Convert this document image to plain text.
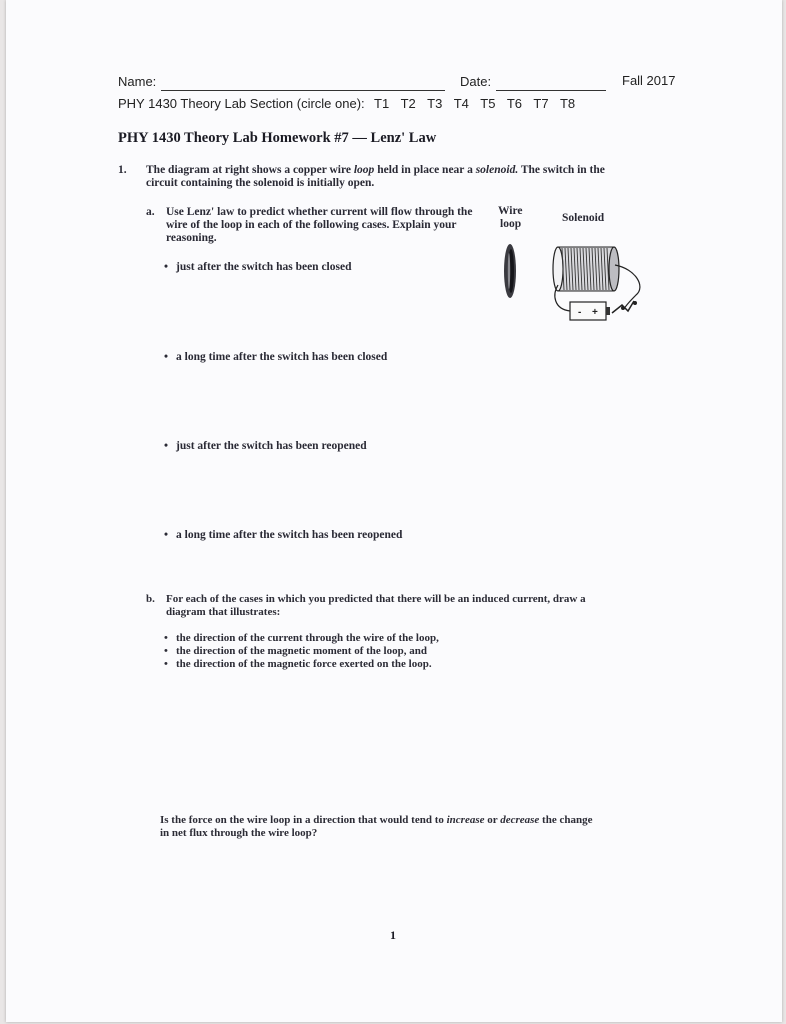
Name:	Date:	Fall 2017
PHY 1430 Theory Lab Section (circle one): T1 T2 T3 T4 T5 T6 T7 T8
PHY 1430 Theory Lab Homework #7 — Lenz' Law
1. The diagram at right shows a copper wire loop held in place near a solenoid. The switch in the
circuit containing the solenoid is initially open.
a. Use Lenz' law to predict whether current will flow through the
wire of the loop in each of the following cases. Explain your
reasoning.
• just after the switch has been closed
• a long time after the switch has been closed
• just after the switch has been reopened
• a long time after the switch has been reopened
Wire
loop	Solenoid
- +
b. For each of the cases in which you predicted that there will be an induced current, draw a
diagram that illustrates:
• the direction of the current through the wire of the loop,
• the direction of the magnetic moment of the loop, and
• the direction of the magnetic force exerted on the loop.
Is the force on the wire loop in a direction that would tend to increase or decrease the change
in net flux through the wire loop?
1
